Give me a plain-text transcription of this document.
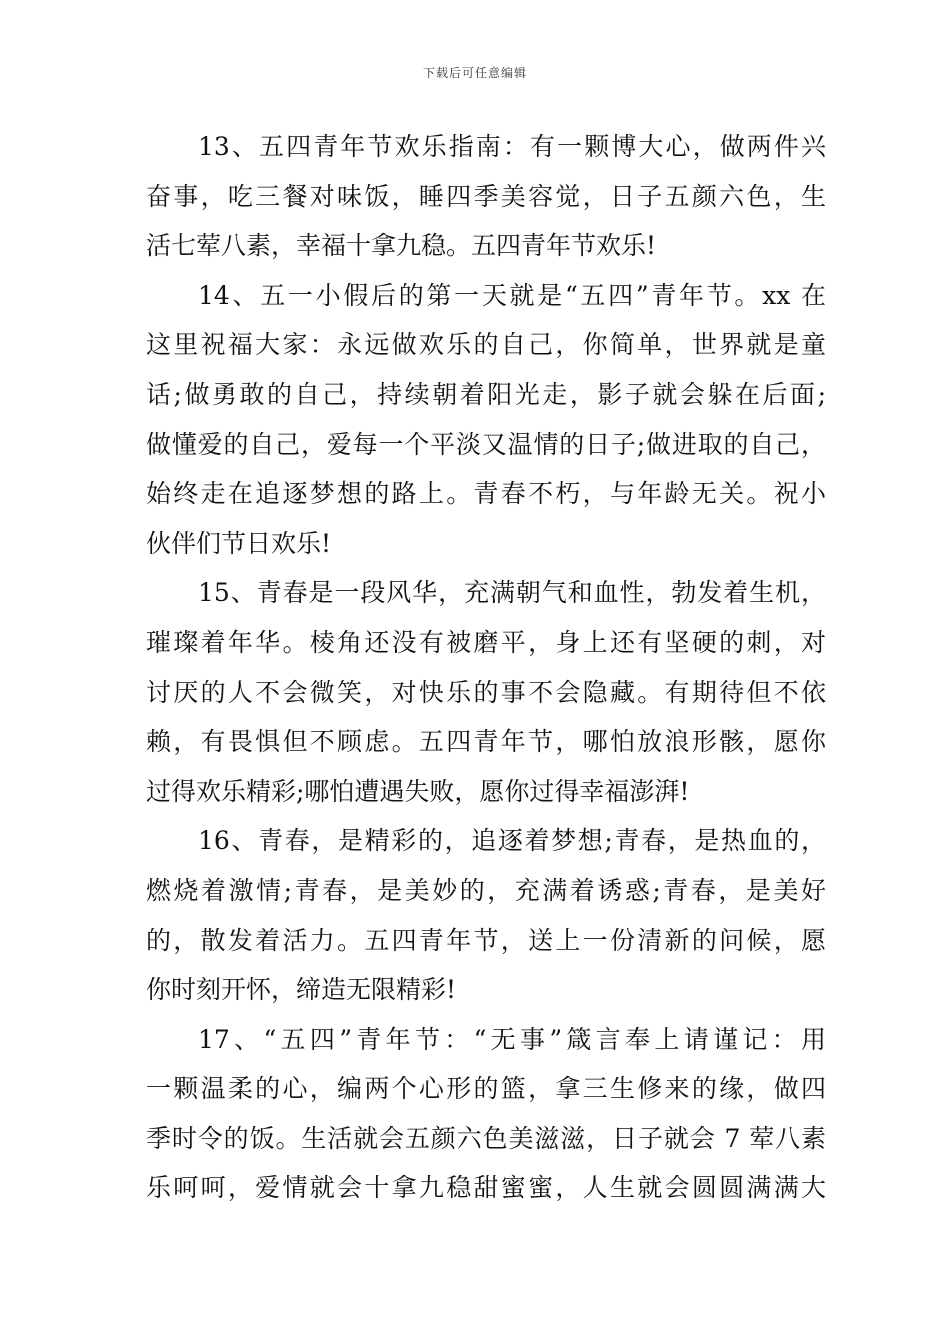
下载后可任意编辑
13、五四青年节欢乐指南：有一颗博大心，做两件兴
奋事，吃三餐对味饭，睡四季美容觉，日子五颜六色，生
活七荤八素，幸福十拿九稳。五四青年节欢乐!
14、五一小假后的第一天就是“五四”青年节。xx 在
这里祝福大家：永远做欢乐的自己，你简单，世界就是童
话;做勇敢的自己，持续朝着阳光走，影子就会躲在后面;
做懂爱的自己，爱每一个平淡又温情的日子;做进取的自己，
始终走在追逐梦想的路上。青春不朽，与年龄无关。祝小
伙伴们节日欢乐!
15、青春是一段风华，充满朝气和血性，勃发着生机，
璀璨着年华。棱角还没有被磨平，身上还有坚硬的刺，对
讨厌的人不会微笑，对快乐的事不会隐藏。有期待但不依
赖，有畏惧但不顾虑。五四青年节，哪怕放浪形骸，愿你
过得欢乐精彩;哪怕遭遇失败，愿你过得幸福澎湃!
16、青春，是精彩的，追逐着梦想;青春，是热血的，
燃烧着激情;青春，是美妙的，充满着诱惑;青春，是美好
的，散发着活力。五四青年节，送上一份清新的问候，愿
你时刻开怀，缔造无限精彩!
17、“五四”青年节：“无事”箴言奉上请谨记：用
一颗温柔的心，编两个心形的篮，拿三生修来的缘，做四
季时令的饭。生活就会五颜六色美滋滋，日子就会 7 荤八素
乐呵呵，爱情就会十拿九稳甜蜜蜜，人生就会圆圆满满大
